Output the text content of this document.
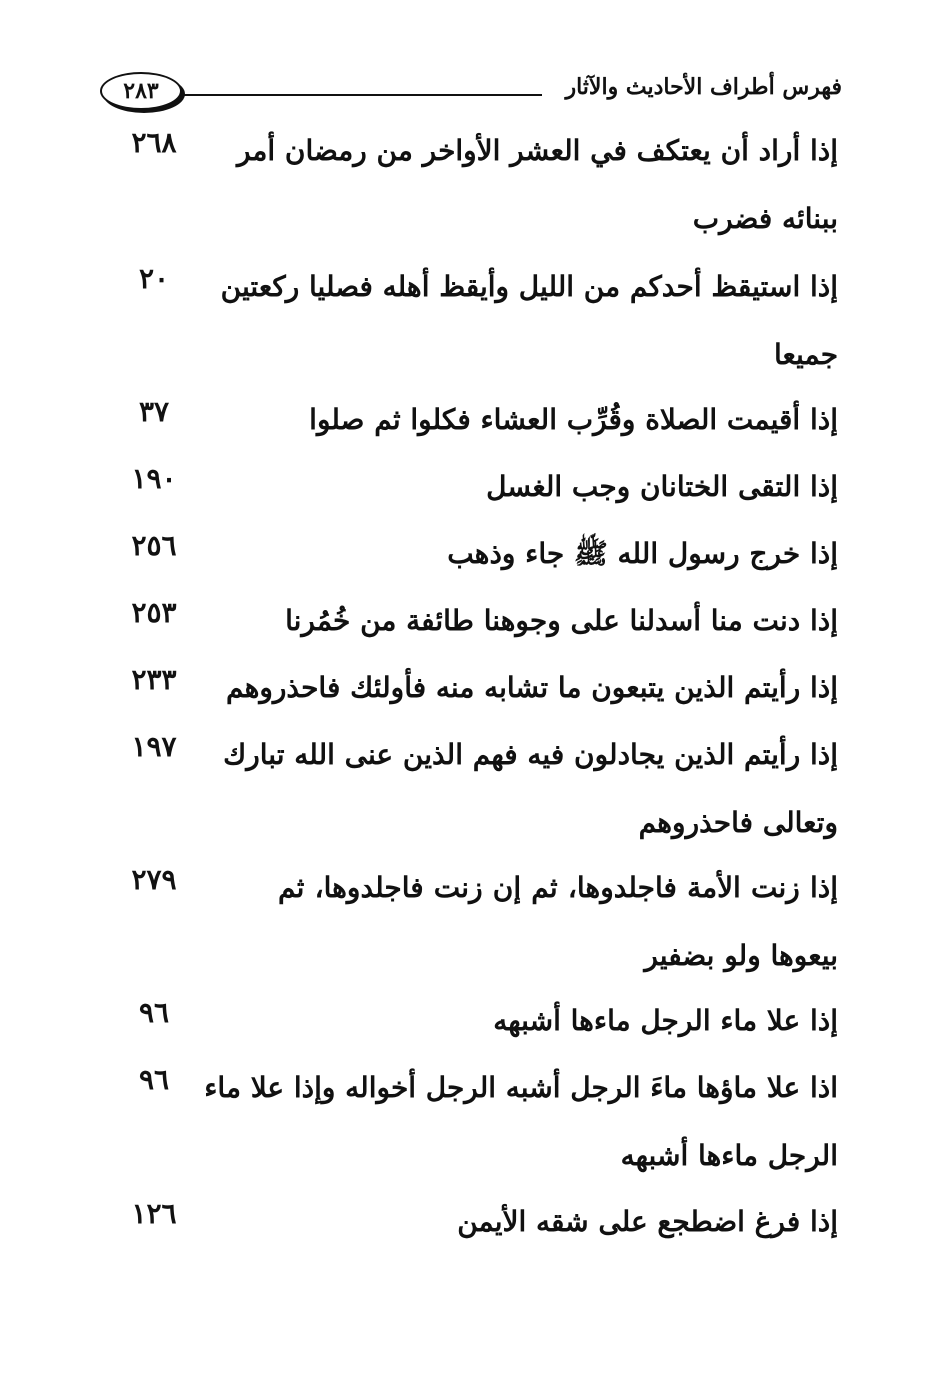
فهرس أطراف الأحاديث والآثار
٢٨٣
إذا أراد أن يعتكف في العشر الأواخر من رمضان أمر
ببنائه فضرب
٢٦٨
إذا استيقظ أحدكم من الليل وأيقظ أهله فصليا ركعتين
جميعا
٢٠
إذا أقيمت الصلاة وقُرِّب العشاء فكلوا ثم صلوا
٣٧
إذا التقى الختانان وجب الغسل
١٩٠
إذا خرج رسول الله ﷺ جاء وذهب
٢٥٦
إذا دنت منا أسدلنا على وجوهنا طائفة من خُمُرنا
٢٥٣
إذا رأيتم الذين يتبعون ما تشابه منه فأولئك فاحذروهم
٢٣٣
إذا رأيتم الذين يجادلون فيه فهم الذين عنى الله تبارك
وتعالى فاحذروهم
١٩٧
إذا زنت الأمة فاجلدوها، ثم إن زنت فاجلدوها، ثم
بيعوها ولو بضفير
٢٧٩
إذا علا ماء الرجل ماءها أشبهه
٩٦
اذا علا ماؤها ماءَ الرجل أشبه الرجل أخواله وإذا علا ماء
الرجل ماءها أشبهه
٩٦
إذا فرغ اضطجع على شقه الأيمن
١٢٦
